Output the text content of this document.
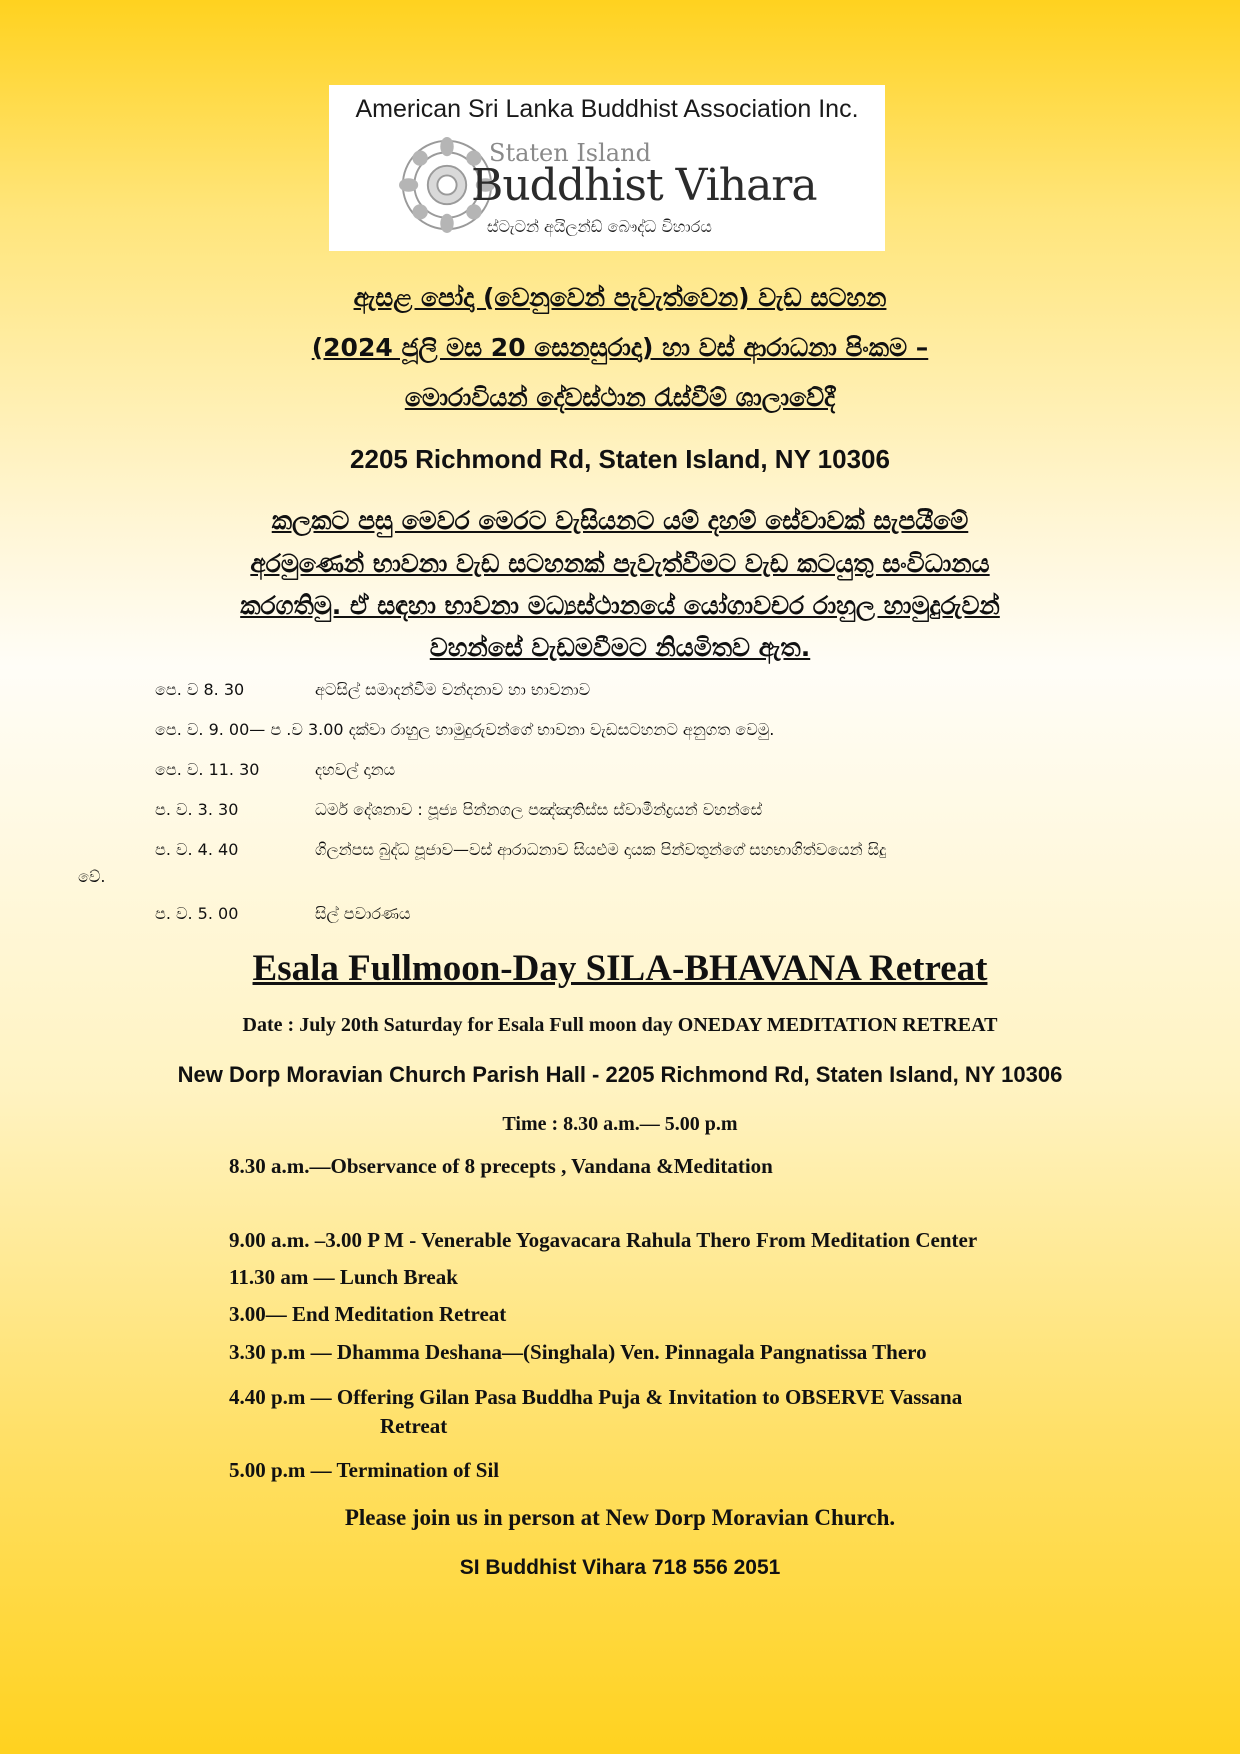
American Sri Lanka Buddhist Association Inc.
Staten Island
Buddhist Vihara
ස්ටැටන් අයිලන්ඩ් බෞද්ධ විහාරය
ඇසළ පෝදා (වෙනුවෙන් පැවැත්වෙන) වැඩ සටහන
(2024 ජූලි මස 20 සෙනසුරාදා) හා වස් ආරාධනා පිංකම –
මොරාවියන් දේවස්ථාන රැස්වීම් ශාලාවේදී
2205 Richmond Rd, Staten Island, NY 10306
කලකට පසු මෙවර මෙරට වැසියනට යම් දහම් සේවාවක් සැපයීමේ
අරමුණෙන් භාවනා වැඩ සටහනක් පැවැත්වීමට වැඩ කටයුතු සංවිධානය
කරගතිමු. ඒ සඳහා භාවනා මධ්‍යස්ථානයේ යෝගාවචර රාහුල හාමුදුරුවන්
වහන්සේ වැඩමවීමට නියමිතව ඇත.
පෙ. ව 8. 30	අටසිල් සමාදන්වීම වන්දනාව හා භාවනාව
පෙ. ව. 9. 00— ප .ව 3.00 දක්වා රාහුල හාමුදුරුවන්ගේ භාවනා වැඩසටහනට අනුගත වෙමු.
පෙ. ව. 11. 30	දහවල් දානය
ප. ව. 3. 30	ධර්ම දේශනාව : පූජ්‍ය පින්නගල පඤ්ඤාතිස්ස ස්වාමීන්ද්‍රයන් වහන්සේ
ප. ව. 4. 40	ගිලන්පස බුද්ධ පූජාව—වස් ආරාධනාව සියළුම දායක පින්වතුන්ගේ සහභාගිත්වයෙන් සිදු
වේ.
ප. ව. 5. 00	සිල් පවාරණය
Esala Fullmoon-Day SILA-BHAVANA Retreat
Date : July 20th Saturday for Esala Full moon day ONEDAY MEDITATION RETREAT
New Dorp Moravian Church Parish Hall - 2205 Richmond Rd, Staten Island, NY 10306
Time : 8.30 a.m.— 5.00 p.m
8.30 a.m.—Observance of 8 precepts , Vandana &Meditation
9.00 a.m. –3.00 P M - Venerable Yogavacara Rahula Thero From Meditation Center
11.30 am — Lunch Break
3.00— End Meditation Retreat
3.30 p.m — Dhamma Deshana—(Singhala) Ven. Pinnagala Pangnatissa Thero
4.40 p.m — Offering Gilan Pasa Buddha Puja & Invitation to OBSERVE Vassana
Retreat
5.00 p.m — Termination of Sil
Please join us in person at New Dorp Moravian Church.
SI Buddhist Vihara 718 556 2051
